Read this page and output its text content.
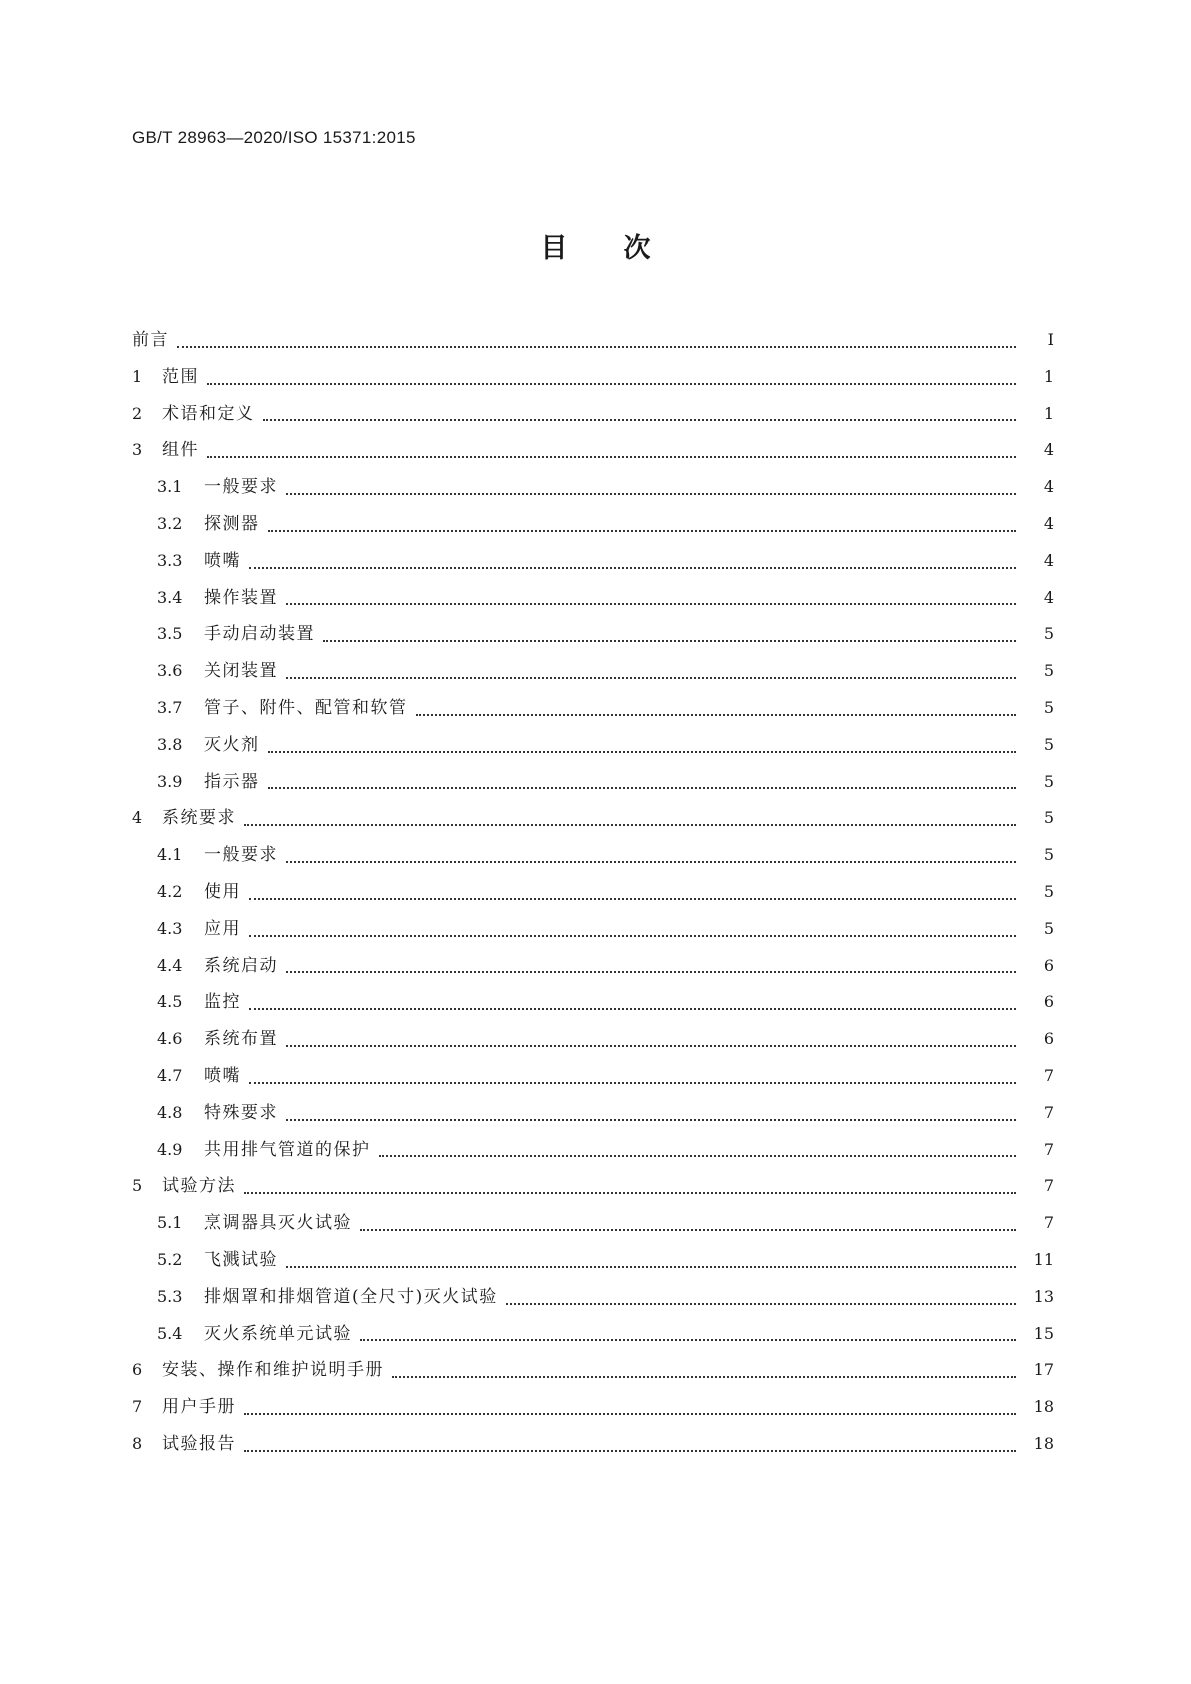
GB/T 28963—2020/ISO 15371:2015
目 次
前言	Ⅰ
1	范围	1
2	术语和定义	1
3	组件	4
3.1	一般要求	4
3.2	探测器	4
3.3	喷嘴	4
3.4	操作装置	4
3.5	手动启动装置	5
3.6	关闭装置	5
3.7	管子、附件、配管和软管	5
3.8	灭火剂	5
3.9	指示器	5
4	系统要求	5
4.1	一般要求	5
4.2	使用	5
4.3	应用	5
4.4	系统启动	6
4.5	监控	6
4.6	系统布置	6
4.7	喷嘴	7
4.8	特殊要求	7
4.9	共用排气管道的保护	7
5	试验方法	7
5.1	烹调器具灭火试验	7
5.2	飞溅试验	11
5.3	排烟罩和排烟管道(全尺寸)灭火试验	13
5.4	灭火系统单元试验	15
6	安装、操作和维护说明手册	17
7	用户手册	18
8	试验报告	18
